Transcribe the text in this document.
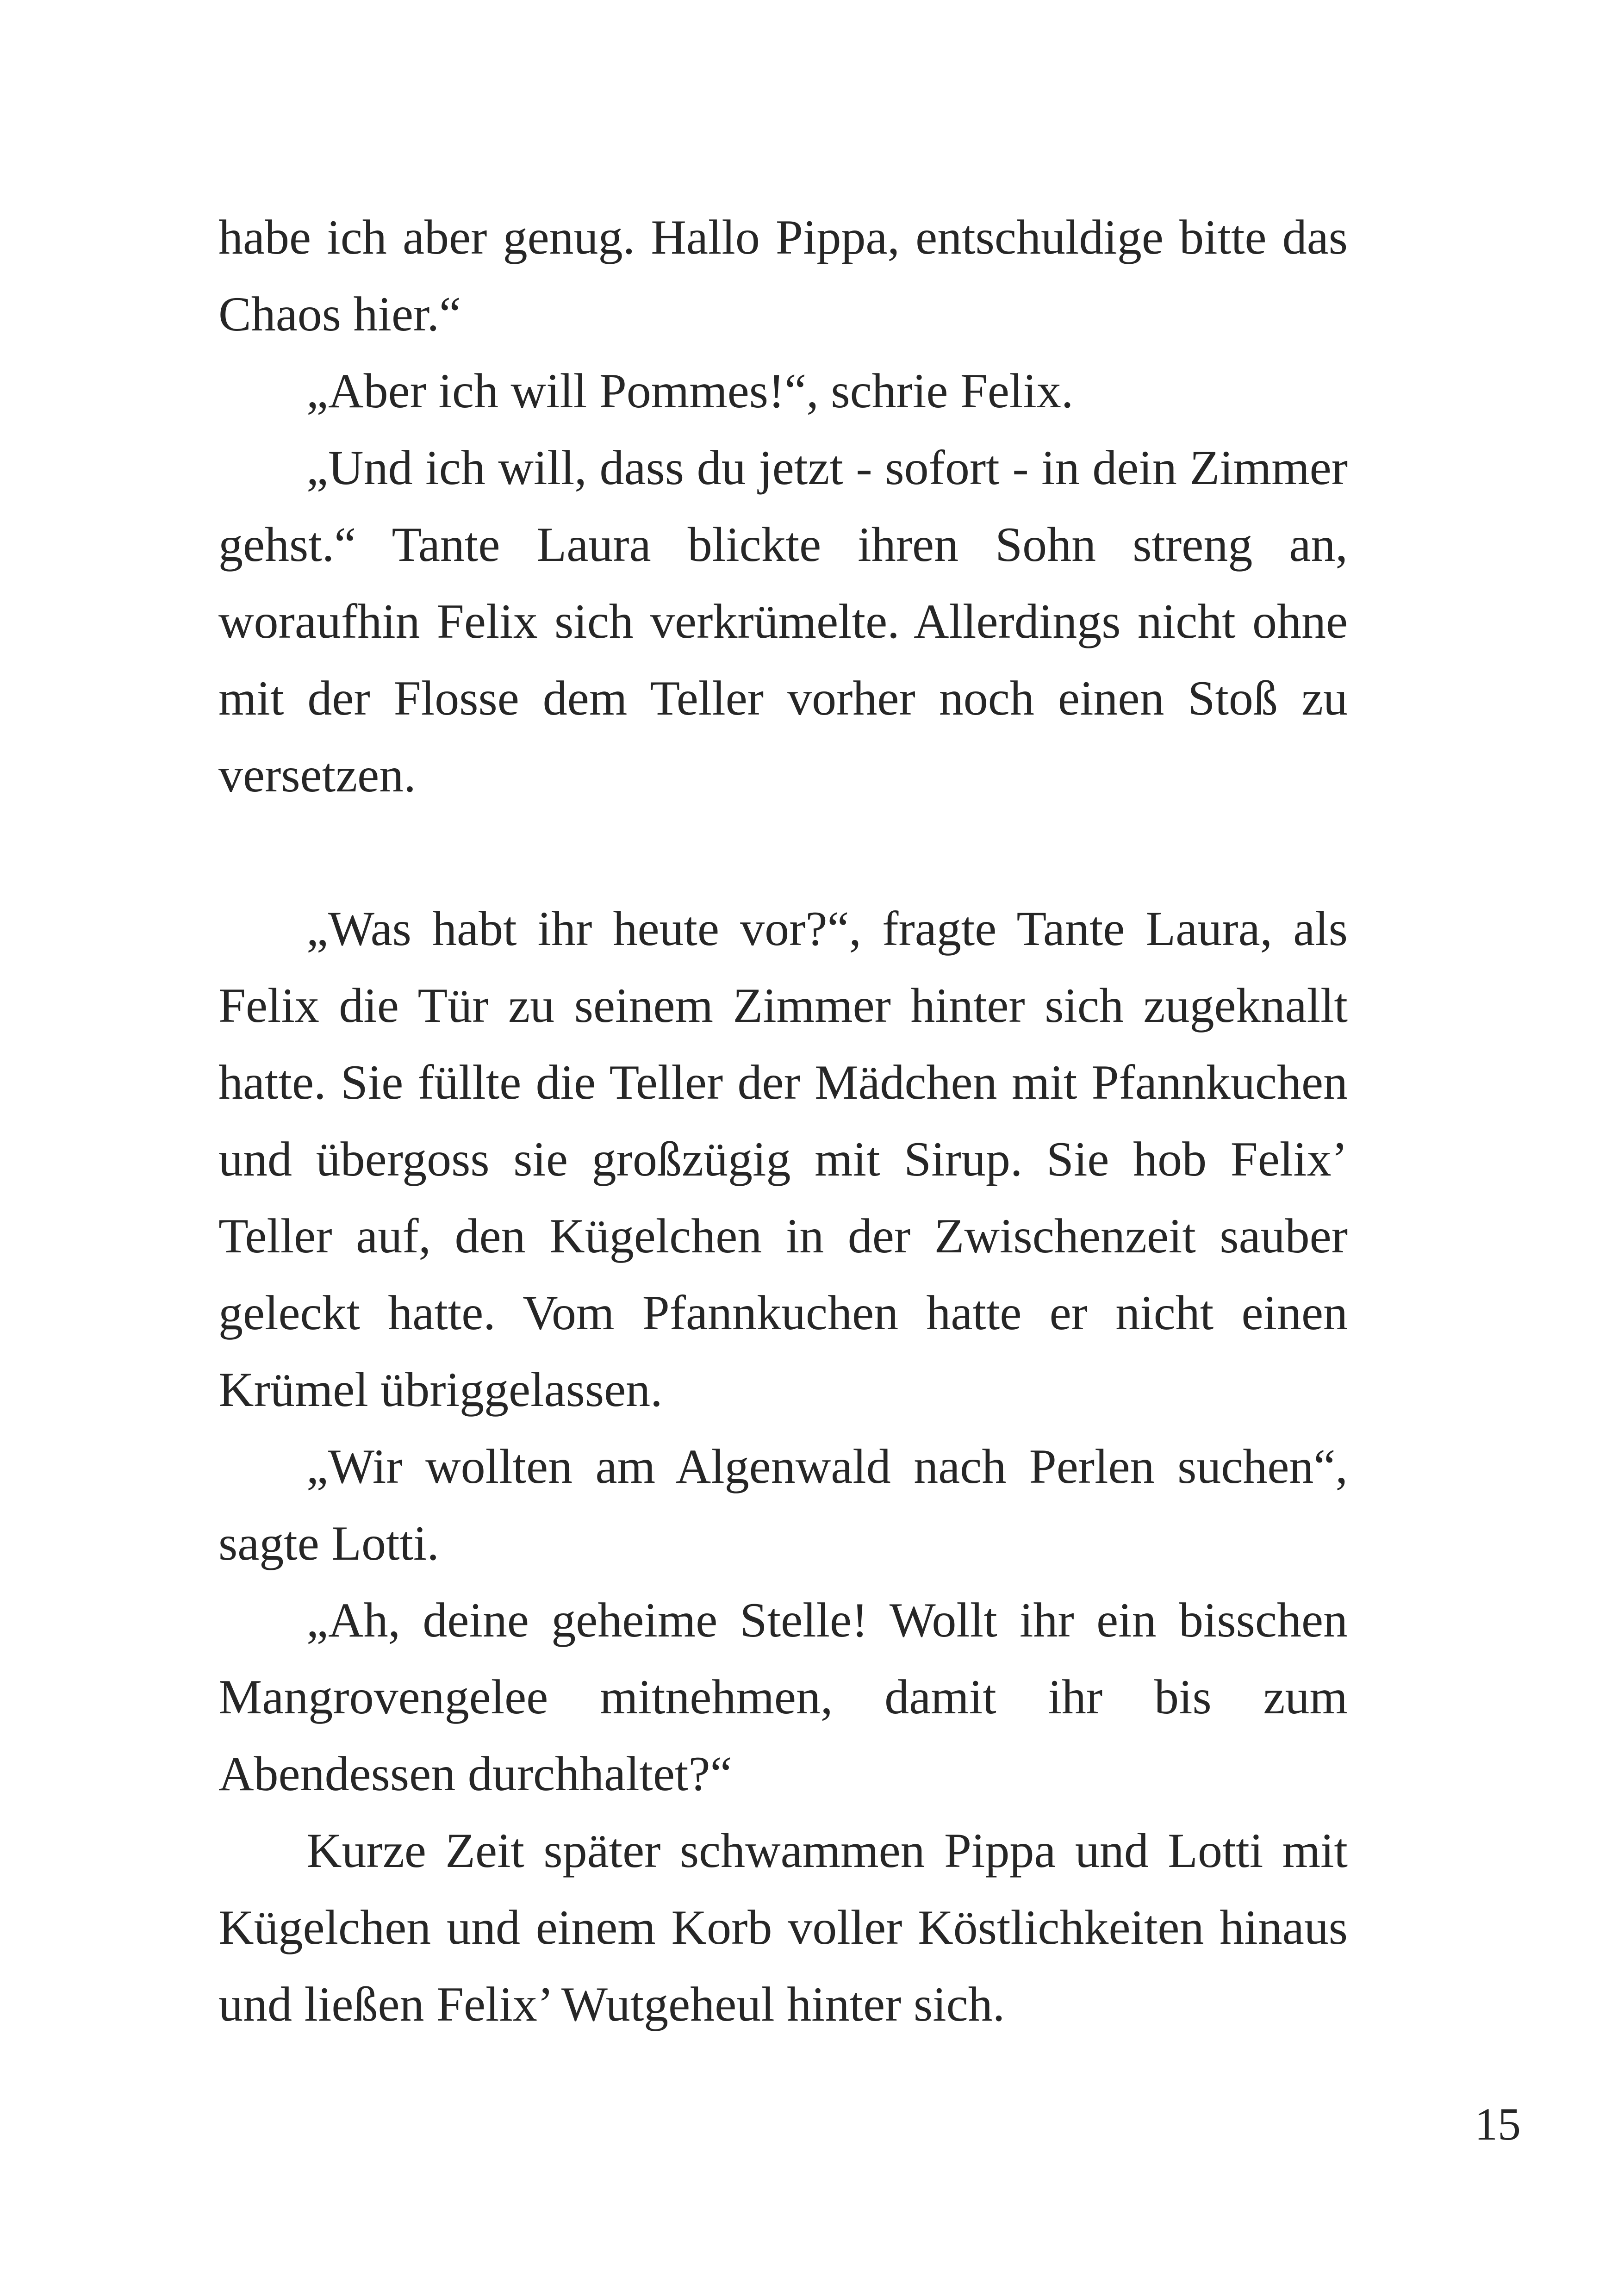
habe ich aber genug. Hallo Pippa, entschuldige bitte das Chaos hier.“

„Aber ich will Pommes!“, schrie Felix.

„Und ich will, dass du jetzt - sofort - in dein Zimmer gehst.“ Tante Laura blickte ihren Sohn streng an, woraufhin Felix sich verkrümelte. Allerdings nicht ohne mit der Flosse dem Teller vorher noch einen Stoß zu versetzen.

„Was habt ihr heute vor?“, fragte Tante Laura, als Felix die Tür zu seinem Zimmer hinter sich zugeknallt hatte. Sie füllte die Teller der Mädchen mit Pfannkuchen und übergoss sie großzügig mit Sirup. Sie hob Felix’ Teller auf, den Kügelchen in der Zwischenzeit sauber geleckt hatte. Vom Pfannkuchen hatte er nicht einen Krümel übriggelassen.

„Wir wollten am Algenwald nach Perlen suchen“, sagte Lotti.

„Ah, deine geheime Stelle! Wollt ihr ein bisschen Mangrovengelee mitnehmen, damit ihr bis zum Abendessen durchhaltet?“

Kurze Zeit später schwammen Pippa und Lotti mit Kügelchen und einem Korb voller Köstlichkeiten hinaus und ließen Felix’ Wutgeheul hinter sich.

15
